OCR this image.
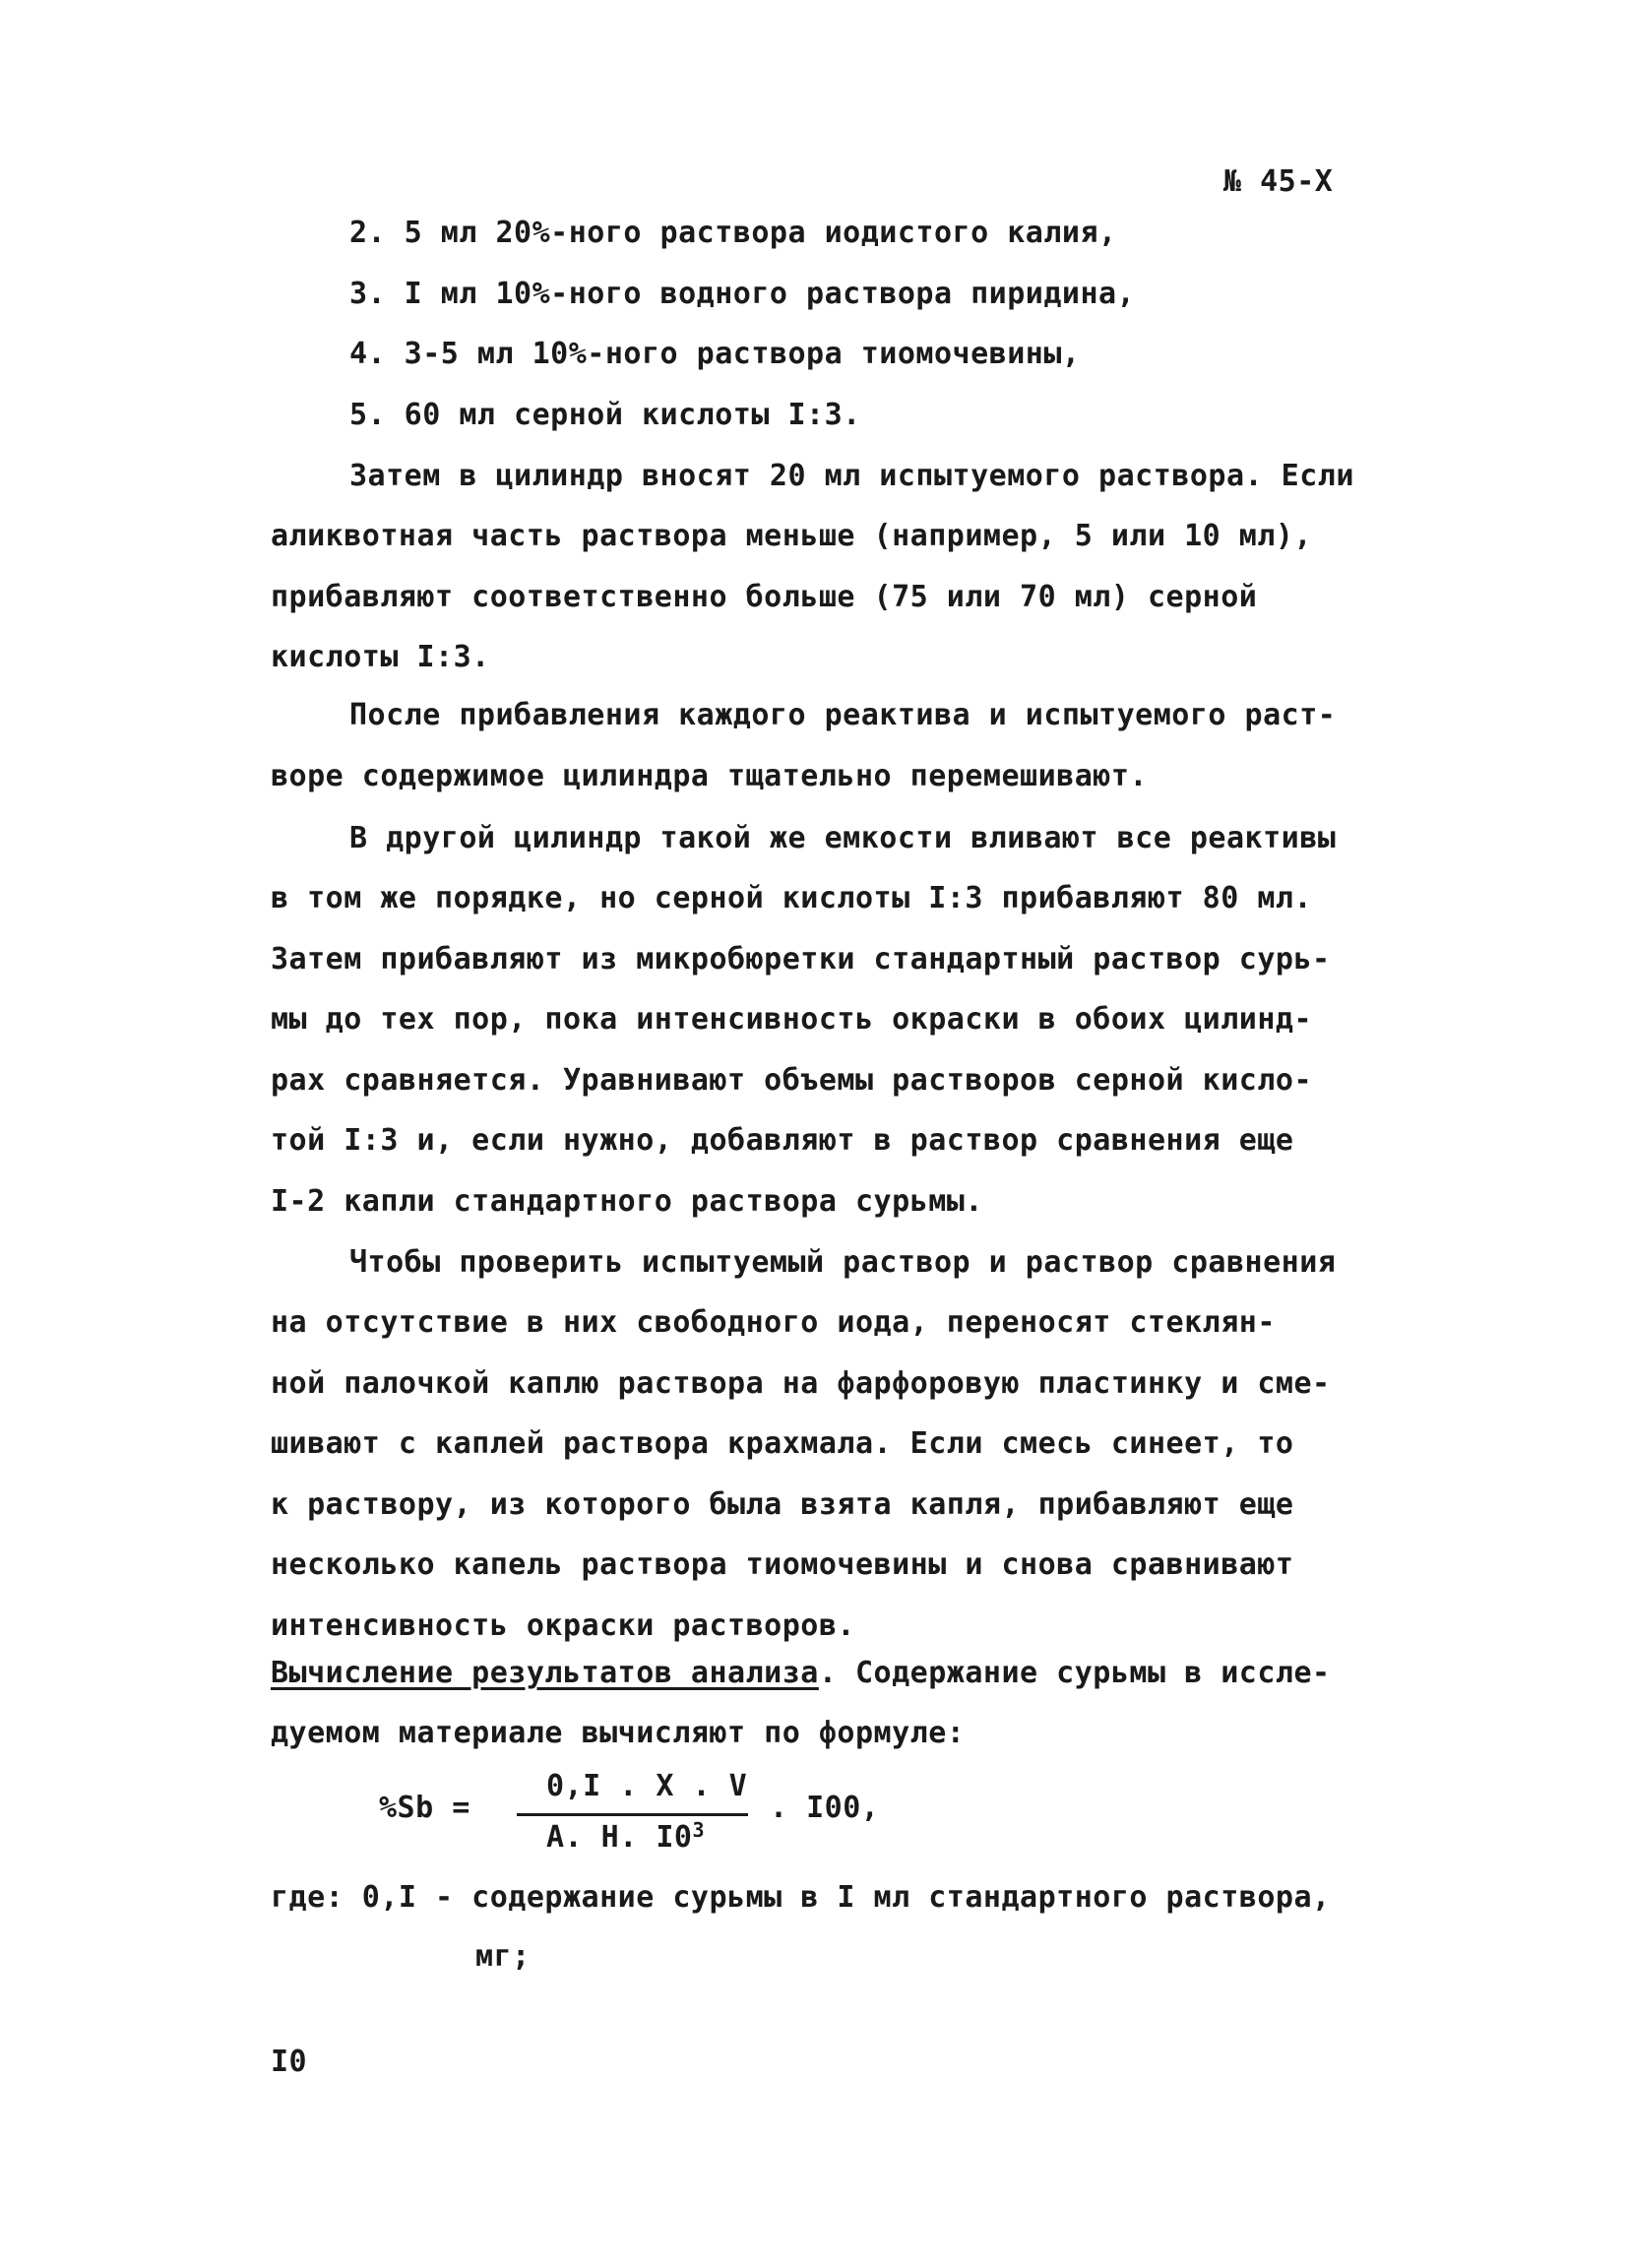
№ 45-Х
2. 5 мл 20%-ного раствора иодистого калия,
3. I мл 10%-ного водного раствора пиридина,
4. 3-5 мл 10%-ного раствора тиомочевины,
5. 60 мл серной кислоты I:3.
Затем в цилиндр вносят 20 мл испытуемого раствора. Если
аликвотная часть раствора меньше (например, 5 или 10 мл),
прибавляют соответственно больше (75 или 70 мл) серной
кислоты I:3.
После прибавления каждого реактива и испытуемого раст-
воре содержимое цилиндра тщательно перемешивают.
В другой цилиндр такой же емкости вливают все реактивы
в том же порядке, но серной кислоты I:3 прибавляют 80 мл.
Затем прибавляют из микробюретки стандартный раствор сурь-
мы до тех пор, пока интенсивность окраски в обоих цилинд-
рах сравняется. Уравнивают объемы растворов серной кисло-
той I:3 и, если нужно, добавляют в раствор сравнения еще
I-2 капли стандартного раствора сурьмы.
Чтобы проверить испытуемый раствор и раствор сравнения
на отсутствие в них свободного иода, переносят стеклян-
ной палочкой каплю раствора на фарфоровую пластинку и сме-
шивают с каплей раствора крахмала. Если смесь синеет, то
к раствору, из которого была взята капля, прибавляют еще
несколько капель раствора тиомочевины и снова сравнивают
интенсивность окраски растворов.
Вычисление результатов анализа. Содержание сурьмы в иссле-
дуемом материале вычисляют по формуле:
%Sb =
0,I . X . V
A. H. $I0^3$
. I00,
где: 0,I - содержание сурьмы в I мл стандартного раствора,
мг;
I0
